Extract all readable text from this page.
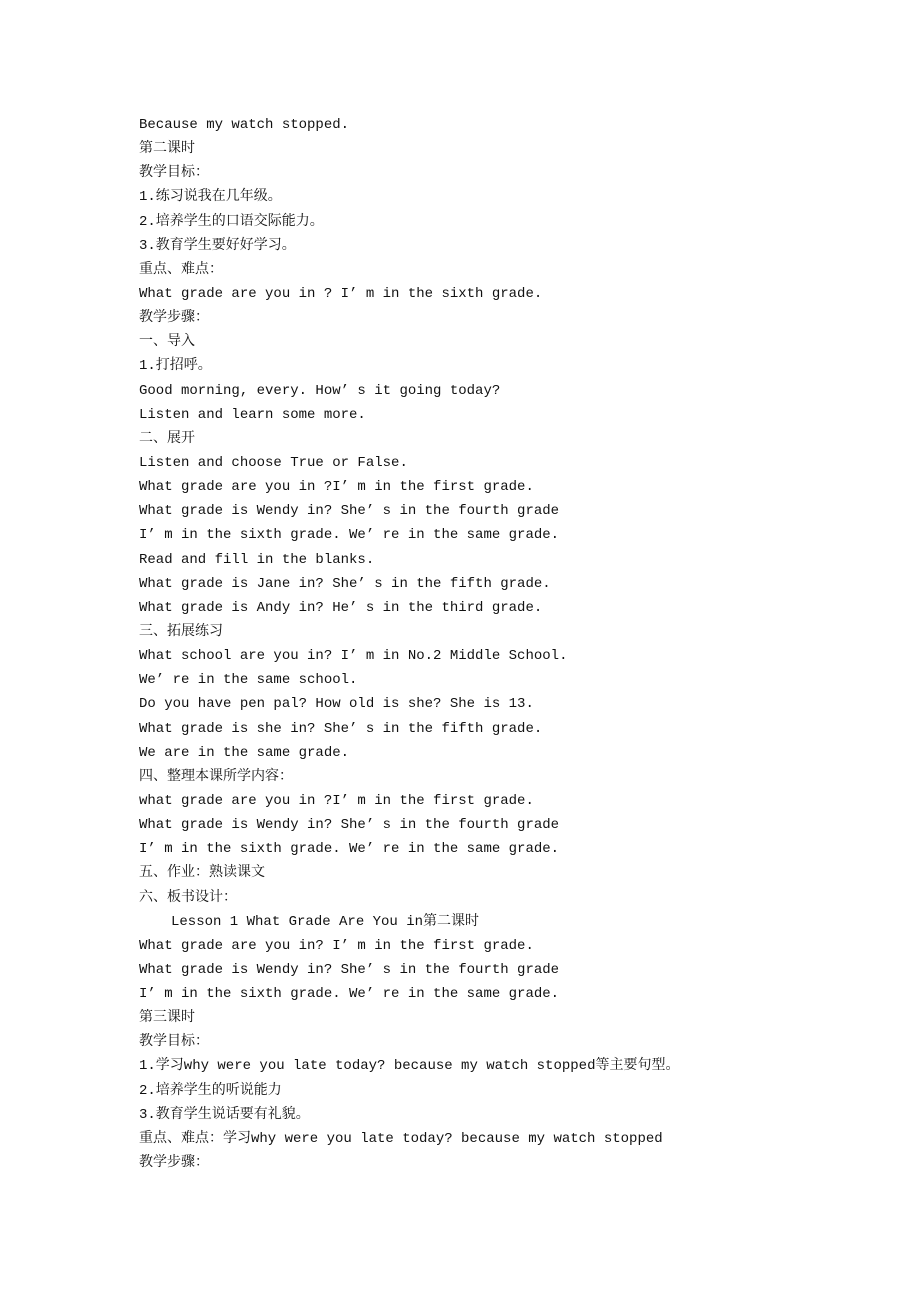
Because my watch stopped.
第二课时
教学目标：
1.练习说我在几年级。
2.培养学生的口语交际能力。
3.教育学生要好好学习。
重点、难点：
What grade are you in ? I’ m in the sixth grade.
教学步骤：
一、导入
1.打招呼。
Good morning, every. How’ s it going today?
Listen and learn some more.
二、展开
Listen and choose True or False.
What grade are you in ?I’ m in the first grade.
What grade is Wendy in? She’ s in the fourth grade
I’ m in the sixth grade. We’ re in the same grade.
Read and fill in the blanks.
What grade is Jane in? She’ s in the fifth grade.
What grade is Andy in? He’ s in the third grade.
三、拓展练习
What school are you in? I’ m in No.2 Middle School.
We’ re in the same school.
Do you have pen pal? How old is she? She is 13.
What grade is she in? She’ s in the fifth grade.
We are in the same grade.
四、整理本课所学内容：
what grade are you in ?I’ m in the first grade.
What grade is Wendy in? She’ s in the fourth grade
I’ m in the sixth grade. We’ re in the same grade.
五、作业：熟读课文
六、板书设计：
Lesson 1 What Grade Are You in第二课时
What grade are you in? I’ m in the first grade.
What grade is Wendy in? She’ s in the fourth grade
I’ m in the sixth grade. We’ re in the same grade.
第三课时
教学目标：
1.学习why were you late today? because my watch stopped等主要句型。
2.培养学生的听说能力
3.教育学生说话要有礼貌。
重点、难点：学习why were you late today? because my watch stopped
教学步骤：
